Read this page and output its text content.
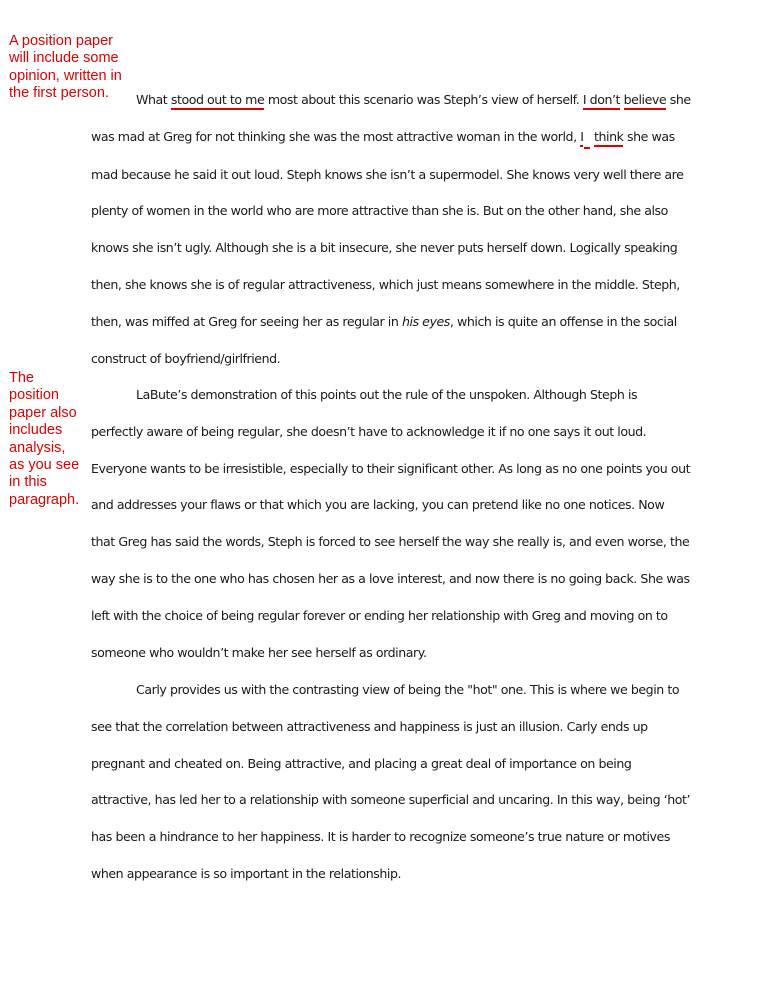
A position paper
will include some
opinion, written in
the first person.

The
position
paper also
includes
analysis,
as you see
in this
paragraph.

What stood out to me most about this scenario was Steph’s view of herself. I don’t believe she was mad at Greg for not thinking she was the most attractive woman in the world, I think she was mad because he said it out loud. Steph knows she isn’t a supermodel. She knows very well there are plenty of women in the world who are more attractive than she is. But on the other hand, she also knows she isn’t ugly. Although she is a bit insecure, she never puts herself down. Logically speaking then, she knows she is of regular attractiveness, which just means somewhere in the middle. Steph, then, was miffed at Greg for seeing her as regular in his eyes, which is quite an offense in the social construct of boyfriend/girlfriend.

LaBute’s demonstration of this points out the rule of the unspoken. Although Steph is perfectly aware of being regular, she doesn’t have to acknowledge it if no one says it out loud. Everyone wants to be irresistible, especially to their significant other. As long as no one points you out and addresses your flaws or that which you are lacking, you can pretend like no one notices. Now that Greg has said the words, Steph is forced to see herself the way she really is, and even worse, the way she is to the one who has chosen her as a love interest, and now there is no going back. She was left with the choice of being regular forever or ending her relationship with Greg and moving on to someone who wouldn’t make her see herself as ordinary.

Carly provides us with the contrasting view of being the "hot" one. This is where we begin to see that the correlation between attractiveness and happiness is just an illusion. Carly ends up pregnant and cheated on. Being attractive, and placing a great deal of importance on being attractive, has led her to a relationship with someone superficial and uncaring. In this way, being ‘hot’ has been a hindrance to her happiness. It is harder to recognize someone’s true nature or motives when appearance is so important in the relationship.
